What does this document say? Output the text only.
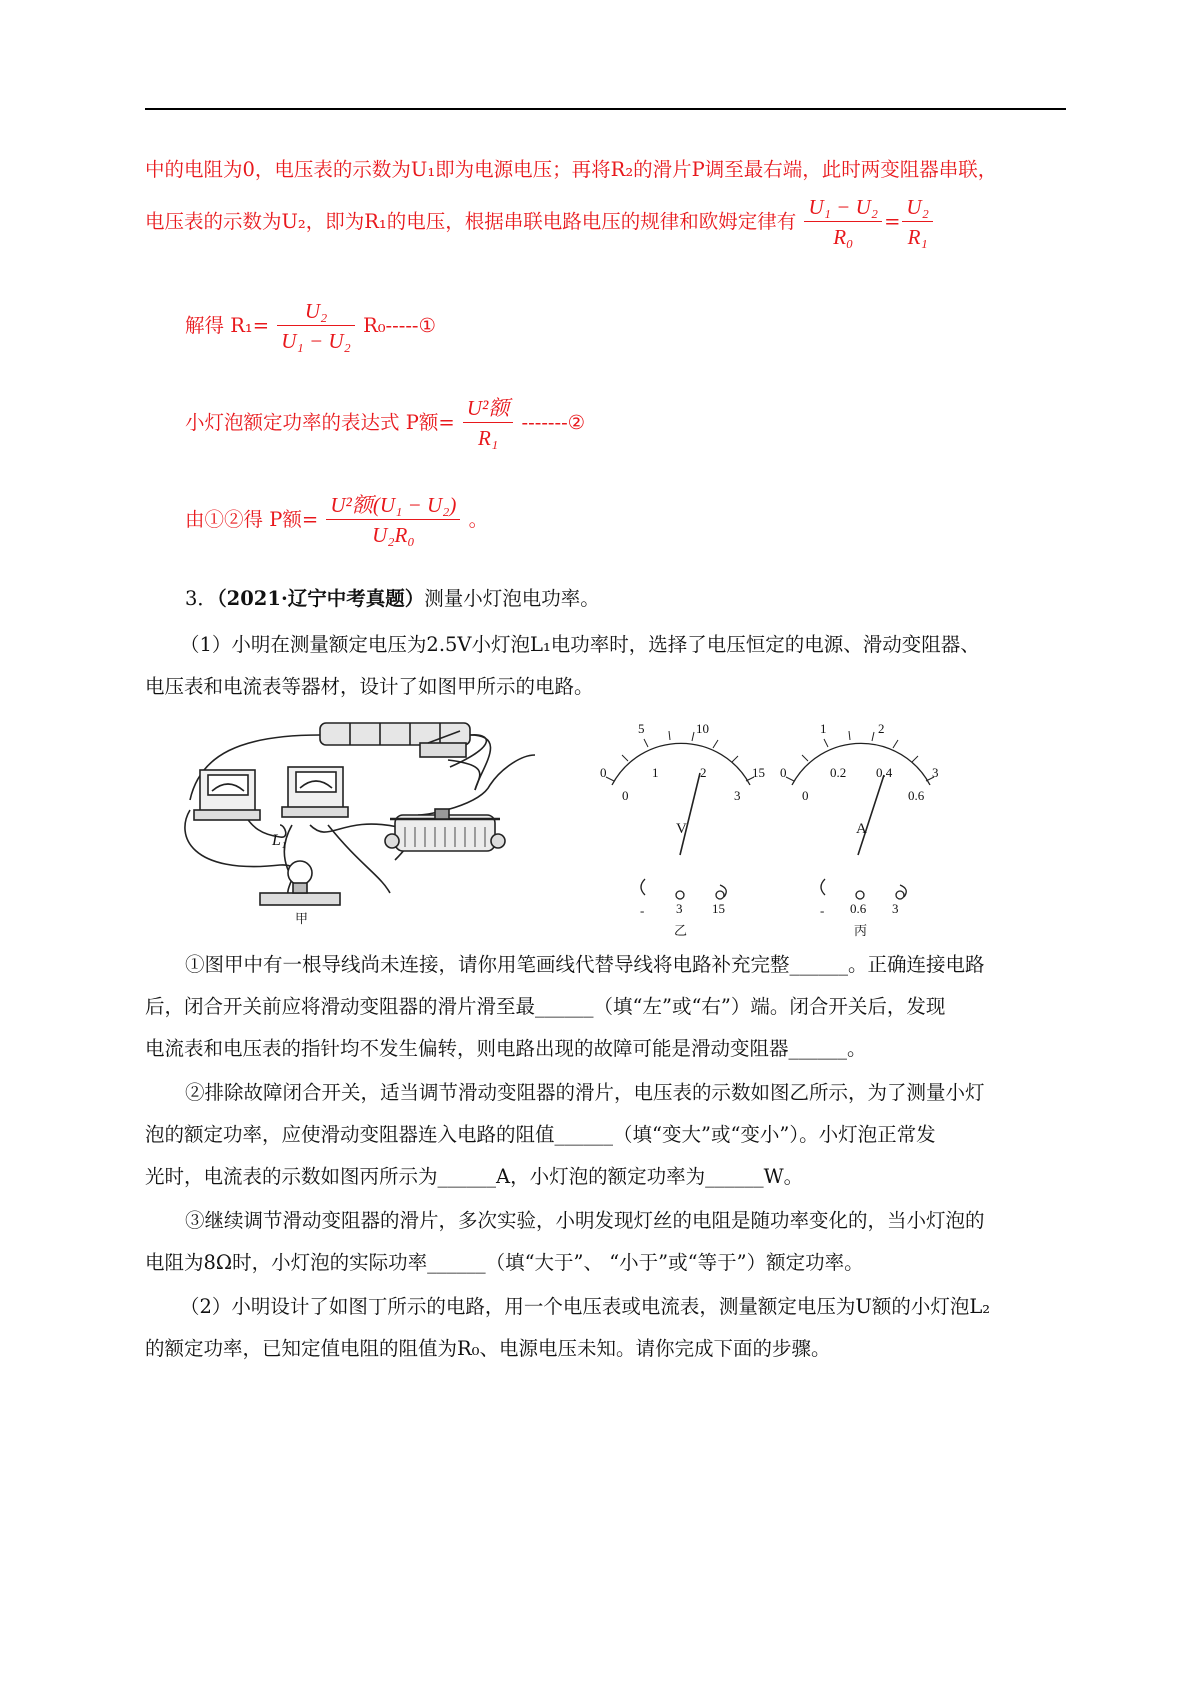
中的电阻为0，电压表的示数为U₁即为电源电压；再将R₂的滑片P调至最右端，此时两变阻器串联，
电压表的示数为U₂，即为R₁的电压，根据串联电路电压的规律和欧姆定律有 $\frac{\text{U₁ − U₂}}{\text{R₀}} = \frac{\text{U₂}}{\text{R₁}}$
解得 $R_1= \frac{\text{U₂}}{\text{U₁ − U₂}}$ R₀-----①
小灯泡额定功率的表达式 P额= $\frac{\text{U²额}}{\text{R₁}}$ -------②
由①②得 P额= $\frac{\text{U²额(U₁ − U₂)}}{\text{U₂R₀}}$ 。
3．（2021·辽宁中考真题）测量小灯泡电功率。
（1）小明在测量额定电压为2.5V小灯泡L₁电功率时，选择了电压恒定的电源、滑动变阻器、
电压表和电流表等器材，设计了如图甲所示的电路。
L₁
甲
0
5	10
15
0
1	2
3
V
- 3 15
乙
0
1	2
3
0
0.2 0.4
0.6
A
- 0.6 3
丙
①图甲中有一根导线尚未连接，请你用笔画线代替导线将电路补充完整______。正确连接电路
后，闭合开关前应将滑动变阻器的滑片滑至最______（填“左”或“右”）端。闭合开关后，发现
电流表和电压表的指针均不发生偏转，则电路出现的故障可能是滑动变阻器______。
②排除故障闭合开关，适当调节滑动变阻器的滑片，电压表的示数如图乙所示，为了测量小灯
泡的额定功率，应使滑动变阻器连入电路的阻值______（填“变大”或“变小”）。小灯泡正常发
光时，电流表的示数如图丙所示为______A，小灯泡的额定功率为______W。
③继续调节滑动变阻器的滑片，多次实验，小明发现灯丝的电阻是随功率变化的，当小灯泡的
电阻为8Ω时，小灯泡的实际功率______（填“大于”、 “小于”或“等于”）额定功率。
（2）小明设计了如图丁所示的电路，用一个电压表或电流表，测量额定电压为U额的小灯泡L₂
的额定功率，已知定值电阻的阻值为R₀、电源电压未知。请你完成下面的步骤。
